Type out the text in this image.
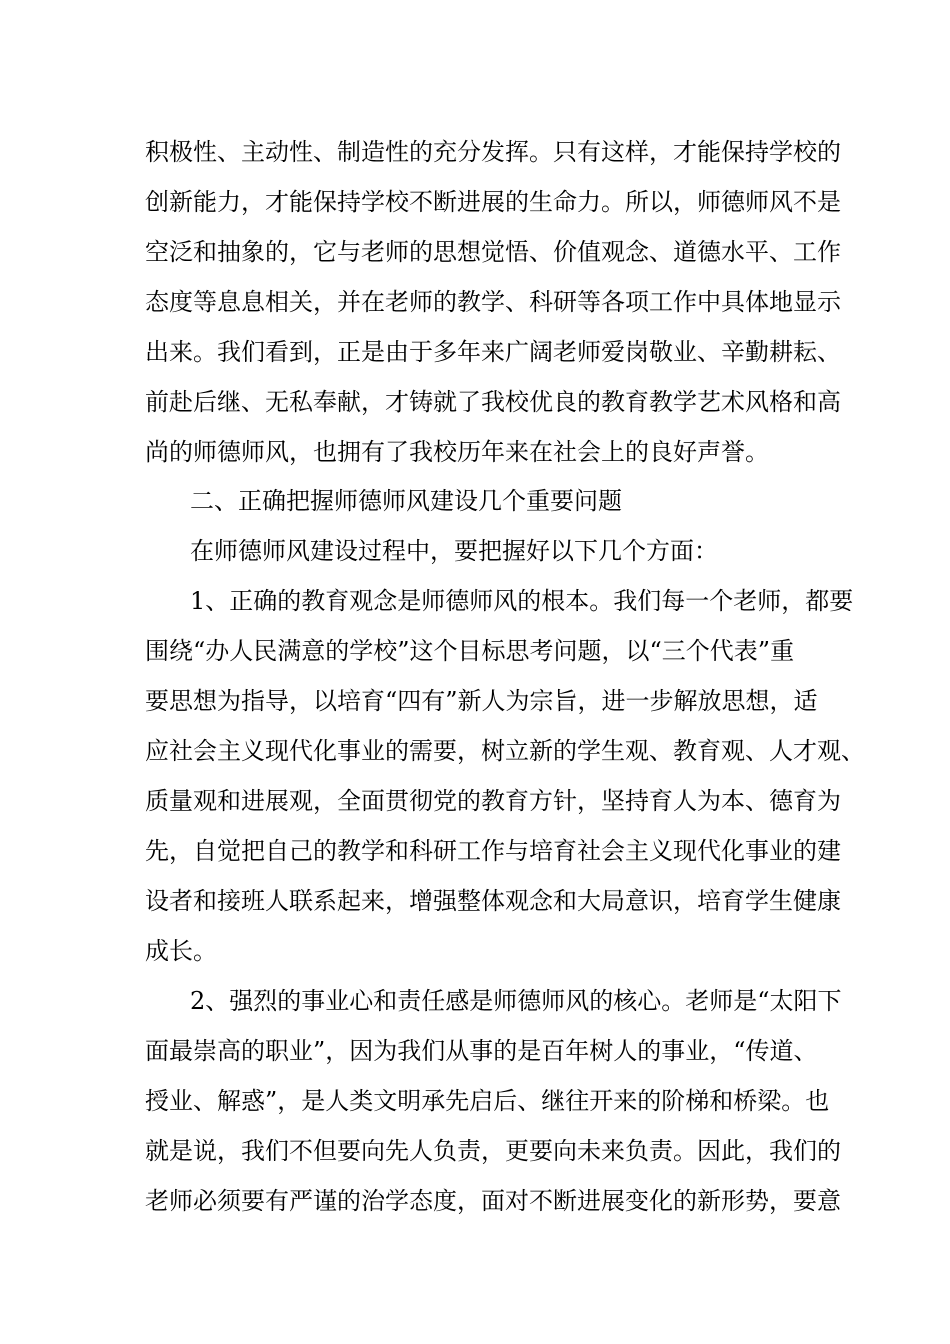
积极性、主动性、制造性的充分发挥。只有这样，才能保持学校的
创新能力，才能保持学校不断进展的生命力。所以，师德师风不是
空泛和抽象的，它与老师的思想觉悟、价值观念、道德水平、工作
态度等息息相关，并在老师的教学、科研等各项工作中具体地显示
出来。我们看到，正是由于多年来广阔老师爱岗敬业、辛勤耕耘、
前赴后继、无私奉献，才铸就了我校优良的教育教学艺术风格和高
尚的师德师风，也拥有了我校历年来在社会上的良好声誉。
二、正确把握师德师风建设几个重要问题
在师德师风建设过程中，要把握好以下几个方面：
1、正确的教育观念是师德师风的根本。我们每一个老师，都要
围绕“办人民满意的学校”这个目标思考问题，以“三个代表”重
要思想为指导，以培育“四有”新人为宗旨，进一步解放思想，适
应社会主义现代化事业的需要，树立新的学生观、教育观、人才观、
质量观和进展观，全面贯彻党的教育方针，坚持育人为本、德育为
先，自觉把自己的教学和科研工作与培育社会主义现代化事业的建
设者和接班人联系起来，增强整体观念和大局意识，培育学生健康
成长。
2、强烈的事业心和责任感是师德师风的核心。老师是“太阳下
面最崇高的职业”，因为我们从事的是百年树人的事业，“传道、
授业、解惑”，是人类文明承先启后、继往开来的阶梯和桥梁。也
就是说，我们不但要向先人负责，更要向未来负责。因此，我们的
老师必须要有严谨的治学态度，面对不断进展变化的新形势，要意
